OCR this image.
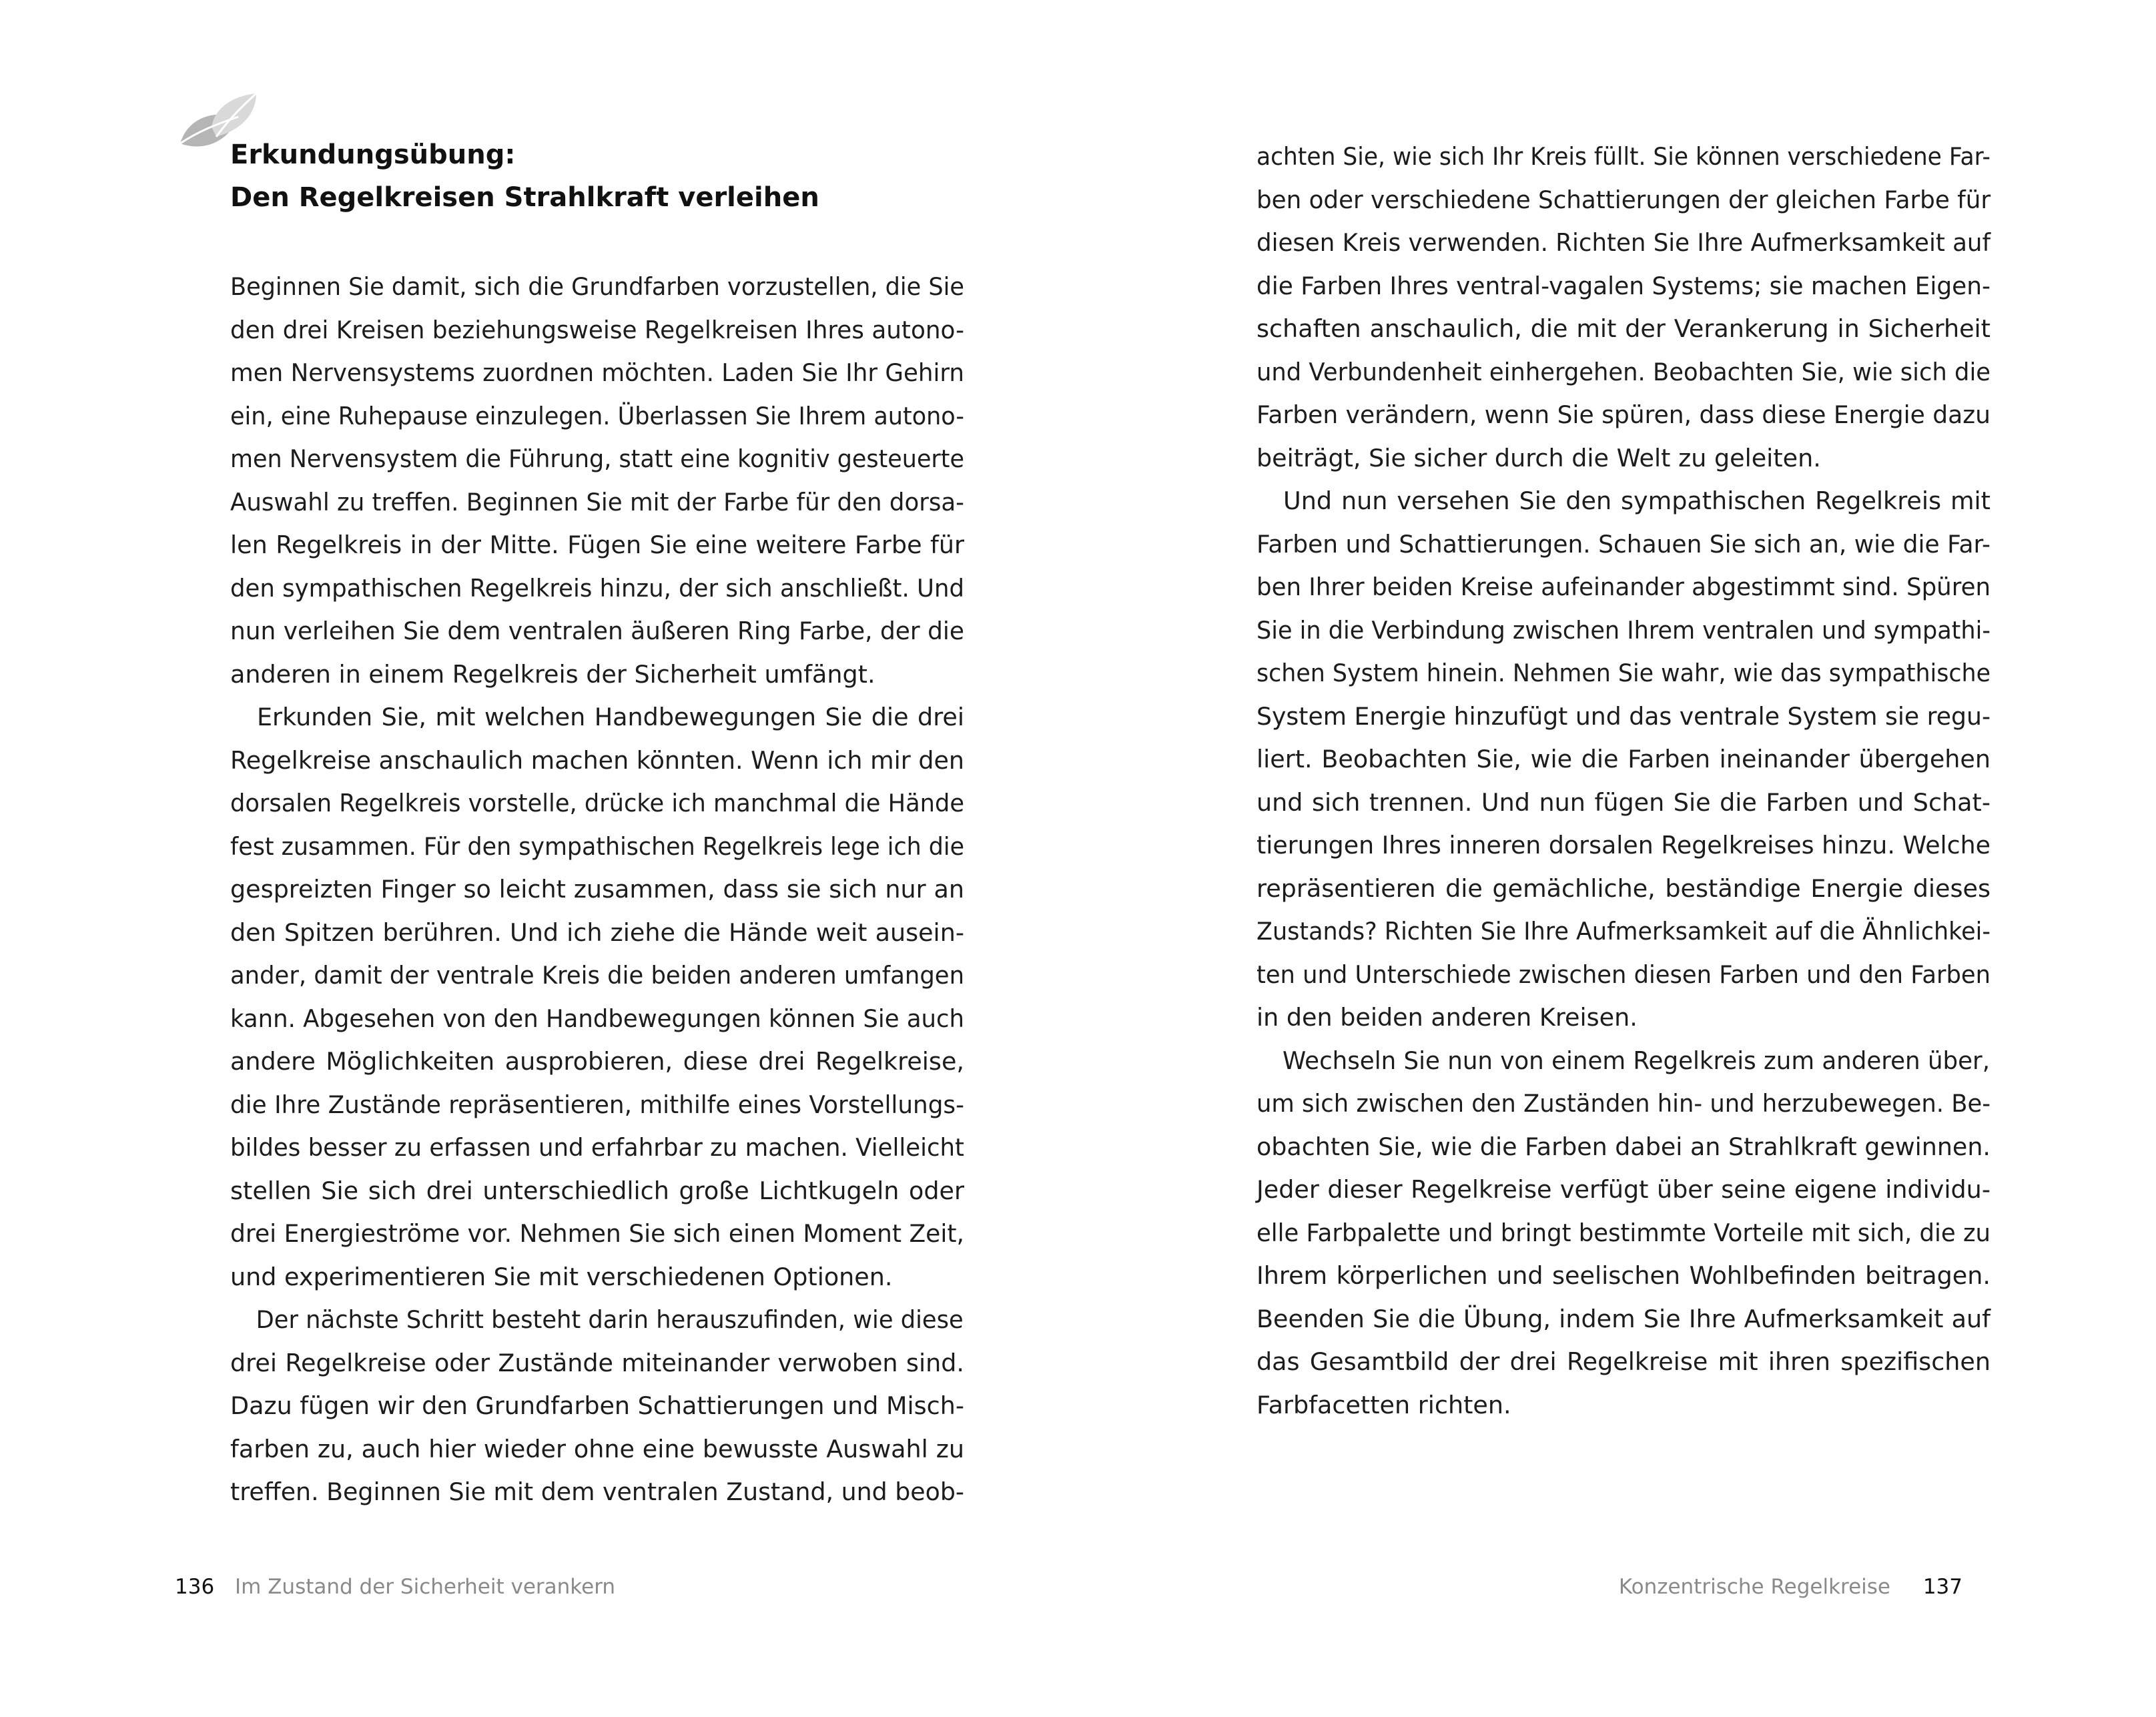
Erkundungsübung:
Den Regelkreisen Strahlkraft verleihen
Beginnen Sie damit, sich die Grundfarben vorzustellen, die Sie
den drei Kreisen beziehungsweise Regelkreisen Ihres autono-
men Nervensystems zuordnen möchten. Laden Sie Ihr Gehirn
ein, eine Ruhepause einzulegen. Überlassen Sie Ihrem autono-
men Nervensystem die Führung, statt eine kognitiv gesteuerte
Auswahl zu treffen. Beginnen Sie mit der Farbe für den dorsa-
len Regelkreis in der Mitte. Fügen Sie eine weitere Farbe für
den sympathischen Regelkreis hinzu, der sich anschließt. Und
nun verleihen Sie dem ventralen äußeren Ring Farbe, der die
anderen in einem Regelkreis der Sicherheit umfängt.
Erkunden Sie, mit welchen Handbewegungen Sie die drei
Regelkreise anschaulich machen könnten. Wenn ich mir den
dorsalen Regelkreis vorstelle, drücke ich manchmal die Hände
fest zusammen. Für den sympathischen Regelkreis lege ich die
gespreizten Finger so leicht zusammen, dass sie sich nur an
den Spitzen berühren. Und ich ziehe die Hände weit ausein-
ander, damit der ventrale Kreis die beiden anderen umfangen
kann. Abgesehen von den Handbewegungen können Sie auch
andere Möglichkeiten ausprobieren, diese drei Regelkreise,
die Ihre Zustände repräsentieren, mithilfe eines Vorstellungs-
bildes besser zu erfassen und erfahrbar zu machen. Vielleicht
stellen Sie sich drei unterschiedlich große Lichtkugeln oder
drei Energieströme vor. Nehmen Sie sich einen Moment Zeit,
und experimentieren Sie mit verschiedenen Optionen.
Der nächste Schritt besteht darin herauszufinden, wie diese
drei Regelkreise oder Zustände miteinander verwoben sind.
Dazu fügen wir den Grundfarben Schattierungen und Misch-
farben zu, auch hier wieder ohne eine bewusste Auswahl zu
treffen. Beginnen Sie mit dem ventralen Zustand, und beob-
136 Im Zustand der Sicherheit verankern
achten Sie, wie sich Ihr Kreis füllt. Sie können verschiedene Far-
ben oder verschiedene Schattierungen der gleichen Farbe für
diesen Kreis verwenden. Richten Sie Ihre Aufmerksamkeit auf
die Farben Ihres ventral-vagalen Systems; sie machen Eigen-
schaften anschaulich, die mit der Verankerung in Sicherheit
und Verbundenheit einhergehen. Beobachten Sie, wie sich die
Farben verändern, wenn Sie spüren, dass diese Energie dazu
beiträgt, Sie sicher durch die Welt zu geleiten.
Und nun versehen Sie den sympathischen Regelkreis mit
Farben und Schattierungen. Schauen Sie sich an, wie die Far-
ben Ihrer beiden Kreise aufeinander abgestimmt sind. Spüren
Sie in die Verbindung zwischen Ihrem ventralen und sympathi-
schen System hinein. Nehmen Sie wahr, wie das sympathische
System Energie hinzufügt und das ventrale System sie regu-
liert. Beobachten Sie, wie die Farben ineinander übergehen
und sich trennen. Und nun fügen Sie die Farben und Schat-
tierungen Ihres inneren dorsalen Regelkreises hinzu. Welche
repräsentieren die gemächliche, beständige Energie dieses
Zustands? Richten Sie Ihre Aufmerksamkeit auf die Ähnlichkei-
ten und Unterschiede zwischen diesen Farben und den Farben
in den beiden anderen Kreisen.
Wechseln Sie nun von einem Regelkreis zum anderen über,
um sich zwischen den Zuständen hin- und herzubewegen. Be-
obachten Sie, wie die Farben dabei an Strahlkraft gewinnen.
Jeder dieser Regelkreise verfügt über seine eigene individu-
elle Farbpalette und bringt bestimmte Vorteile mit sich, die zu
Ihrem körperlichen und seelischen Wohlbefinden beitragen.
Beenden Sie die Übung, indem Sie Ihre Aufmerksamkeit auf
das Gesamtbild der drei Regelkreise mit ihren spezifischen
Farbfacetten richten.
Konzentrische Regelkreise 137
